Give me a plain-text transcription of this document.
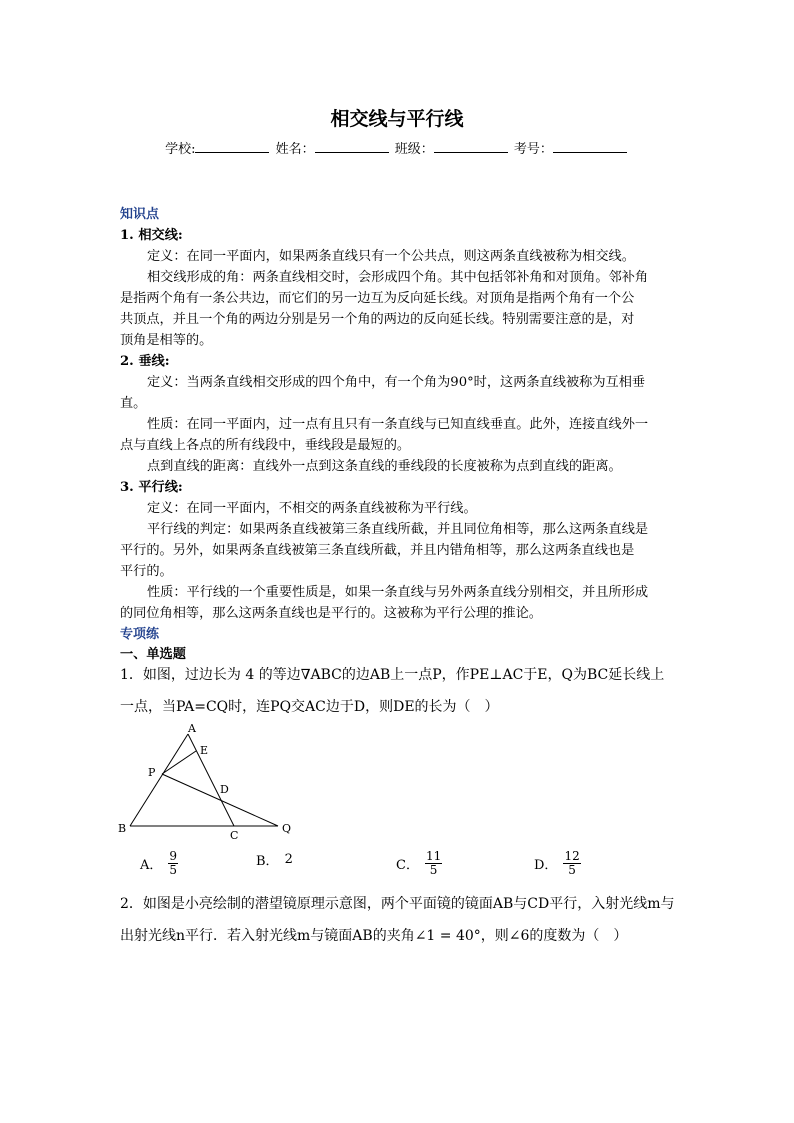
相交线与平行线
学校:	姓名：	班级：	考号：
知识点
1. 相交线:
定义：在同一平面内，如果两条直线只有一个公共点，则这两条直线被称为相交线。
相交线形成的角：两条直线相交时，会形成四个角。其中包括邻补角和对顶角。邻补角
是指两个角有一条公共边，而它们的另一边互为反向延长线。对顶角是指两个角有一个公
共顶点，并且一个角的两边分别是另一个角的两边的反向延长线。特别需要注意的是，对
顶角是相等的。
2. 垂线:
定义：当两条直线相交形成的四个角中，有一个角为90°时，这两条直线被称为互相垂
直。
性质：在同一平面内，过一点有且只有一条直线与已知直线垂直。此外，连接直线外一
点与直线上各点的所有线段中，垂线段是最短的。
点到直线的距离：直线外一点到这条直线的垂线段的长度被称为点到直线的距离。
3. 平行线:
定义：在同一平面内，不相交的两条直线被称为平行线。
平行线的判定：如果两条直线被第三条直线所截，并且同位角相等，那么这两条直线是
平行的。另外，如果两条直线被第三条直线所截，并且内错角相等，那么这两条直线也是
平行的。
性质：平行线的一个重要性质是，如果一条直线与另外两条直线分别相交，并且所形成
的同位角相等，那么这两条直线也是平行的。这被称为平行公理的推论。
专项练
一、单选题
1．如图，过边长为 4 的等边∇ABC的边AB上一点P，作PE⊥AC于E，Q为BC延长线上
一点，当PA=CQ时，连PQ交AC边于D，则DE的长为（　）
A
E
P
D
B
C
Q
A． $\frac{9}{5}$	B． 2	C． $\frac{11}{5}$	D． $\frac{12}{5}$
2．如图是小亮绘制的潜望镜原理示意图，两个平面镜的镜面AB与CD平行，入射光线m与
出射光线n平行．若入射光线m与镜面AB的夹角∠1 = 40°，则∠6的度数为（　）
